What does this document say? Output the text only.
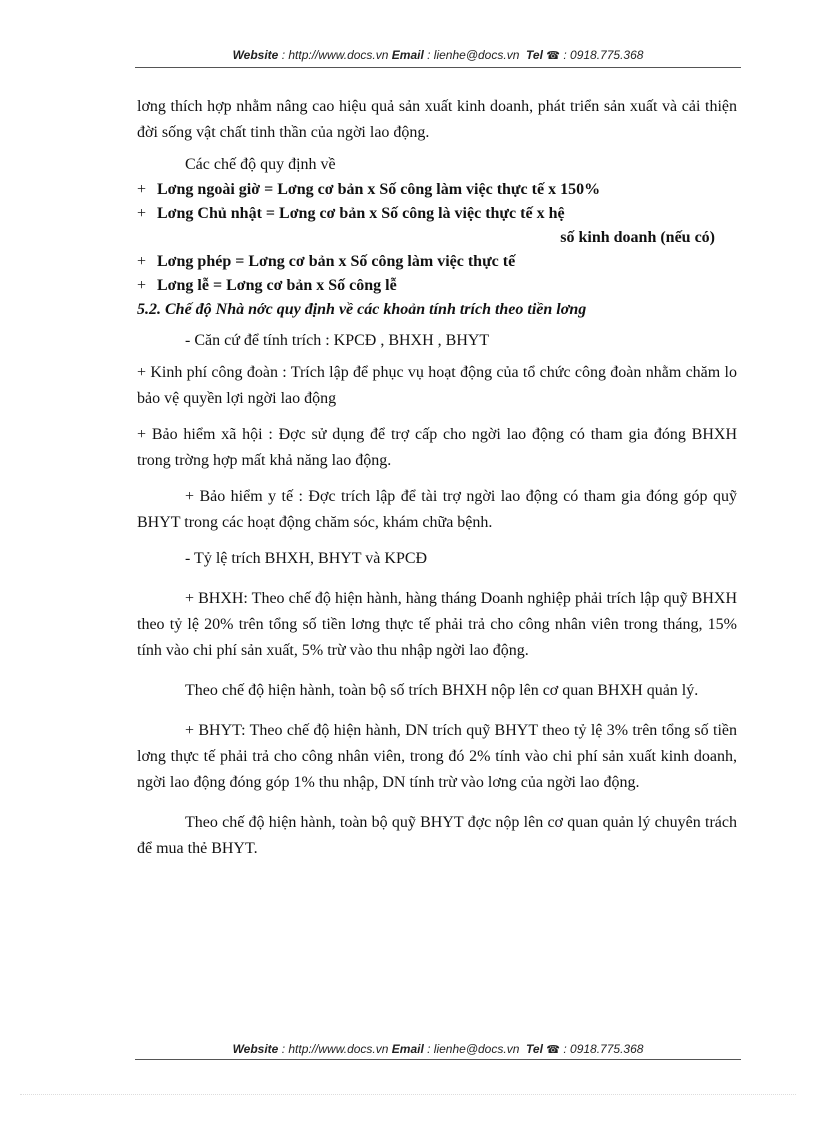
Website : http://www.docs.vn Email : lienhe@docs.vn Tel ☎ : 0918.775.368

lơng thích hợp nhằm nâng cao hiệu quả sản xuất kinh doanh, phát triển sản xuất và cải thiện đời sống vật chất tinh thần của ngời lao động.

Các chế độ quy định về

+ Lơng ngoài giờ = Lơng cơ bản x Số công làm việc thực tế x 150%

+ Lơng Chủ nhật = Lơng cơ bản x Số công là việc thực tế x hệ

số kinh doanh (nếu có)

+ Lơng phép = Lơng cơ bản x Số công làm việc thực tế

+ Lơng lễ = Lơng cơ bản x Số công lễ

5.2. Chế độ Nhà nớc quy định về các khoản tính trích theo tiền lơng

- Căn cứ để tính trích : KPCĐ , BHXH , BHYT

+ Kinh phí công đoàn : Trích lập để phục vụ hoạt động của tổ chức công đoàn nhằm chăm lo bảo vệ quyền lợi ngời lao động

+ Bảo hiểm xã hội : Đợc sử dụng để trợ cấp cho ngời lao động có tham gia đóng BHXH trong trờng hợp mất khả năng lao động.

+ Bảo hiểm y tế : Đợc trích lập để tài trợ ngời lao động có tham gia đóng góp quỹ BHYT trong các hoạt động chăm sóc, khám chữa bệnh.

- Tỷ lệ trích BHXH, BHYT và KPCĐ

+ BHXH: Theo chế độ hiện hành, hàng tháng Doanh nghiệp phải trích lập quỹ BHXH theo tỷ lệ 20% trên tổng số tiền lơng thực tế phải trả cho công nhân viên trong tháng, 15% tính vào chi phí sản xuất, 5% trừ vào thu nhập ngời lao động.

Theo chế độ hiện hành, toàn bộ số trích BHXH nộp lên cơ quan BHXH quản lý.

+ BHYT: Theo chế độ hiện hành, DN trích quỹ BHYT theo tỷ lệ 3% trên tổng số tiền lơng thực tế phải trả cho công nhân viên, trong đó 2% tính vào chi phí sản xuất kinh doanh, ngời lao động đóng góp 1% thu nhập, DN tính trừ vào lơng của ngời lao động.

Theo chế độ hiện hành, toàn bộ quỹ BHYT đợc nộp lên cơ quan quản lý chuyên trách để mua thẻ BHYT.

Website : http://www.docs.vn Email : lienhe@docs.vn Tel ☎ : 0918.775.368
